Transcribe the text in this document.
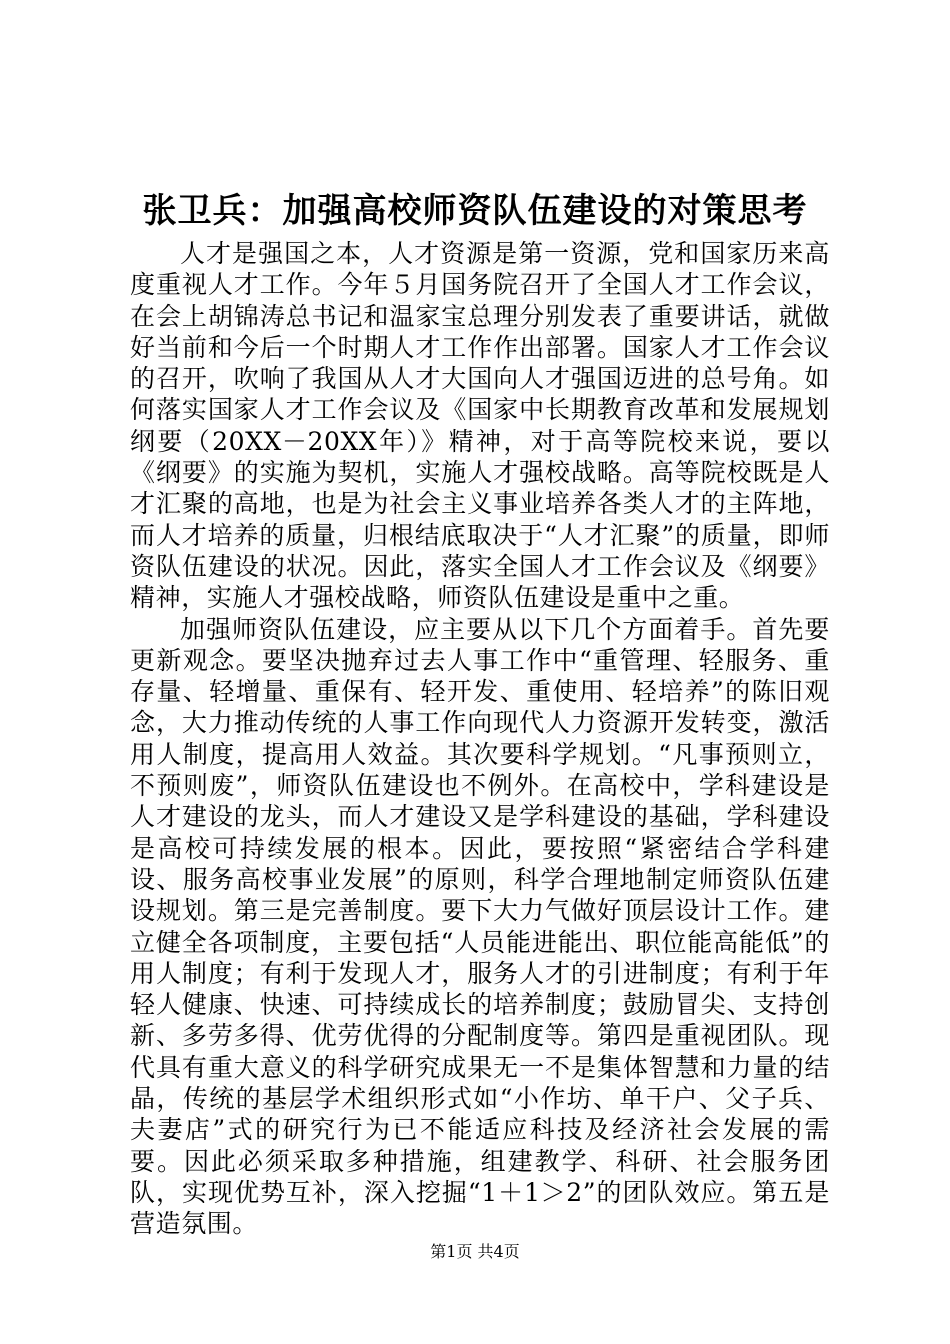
张卫兵：加强高校师资队伍建设的对策思考

人才是强国之本，人才资源是第一资源，党和国家历来高度重视人才工作。今年５月国务院召开了全国人才工作会议，在会上胡锦涛总书记和温家宝总理分别发表了重要讲话，就做好当前和今后一个时期人才工作作出部署。国家人才工作会议的召开，吹响了我国从人才大国向人才强国迈进的总号角。如何落实国家人才工作会议及《国家中长期教育改革和发展规划纲要（20XX－20XX年）》精神，对于高等院校来说，要以《纲要》的实施为契机，实施人才强校战略。高等院校既是人才汇聚的高地，也是为社会主义事业培养各类人才的主阵地，而人才培养的质量，归根结底取决于“人才汇聚”的质量，即师资队伍建设的状况。因此，落实全国人才工作会议及《纲要》精神，实施人才强校战略，师资队伍建设是重中之重。

加强师资队伍建设，应主要从以下几个方面着手。首先要更新观念。要坚决抛弃过去人事工作中“重管理、轻服务、重存量、轻增量、重保有、轻开发、重使用、轻培养”的陈旧观念，大力推动传统的人事工作向现代人力资源开发转变，激活用人制度，提高用人效益。其次要科学规划。“凡事预则立，不预则废”，师资队伍建设也不例外。在高校中，学科建设是人才建设的龙头，而人才建设又是学科建设的基础，学科建设是高校可持续发展的根本。因此，要按照“紧密结合学科建设、服务高校事业发展”的原则，科学合理地制定师资队伍建设规划。第三是完善制度。要下大力气做好顶层设计工作。建立健全各项制度，主要包括“人员能进能出、职位能高能低”的用人制度；有利于发现人才，服务人才的引进制度；有利于年轻人健康、快速、可持续成长的培养制度；鼓励冒尖、支持创新、多劳多得、优劳优得的分配制度等。第四是重视团队。现代具有重大意义的科学研究成果无一不是集体智慧和力量的结晶，传统的基层学术组织形式如“小作坊、单干户、父子兵、夫妻店”式的研究行为已不能适应科技及经济社会发展的需要。因此必须采取多种措施，组建教学、科研、社会服务团队，实现优势互补，深入挖掘“1＋1＞2”的团队效应。第五是营造氛围。

第1页 共4页
